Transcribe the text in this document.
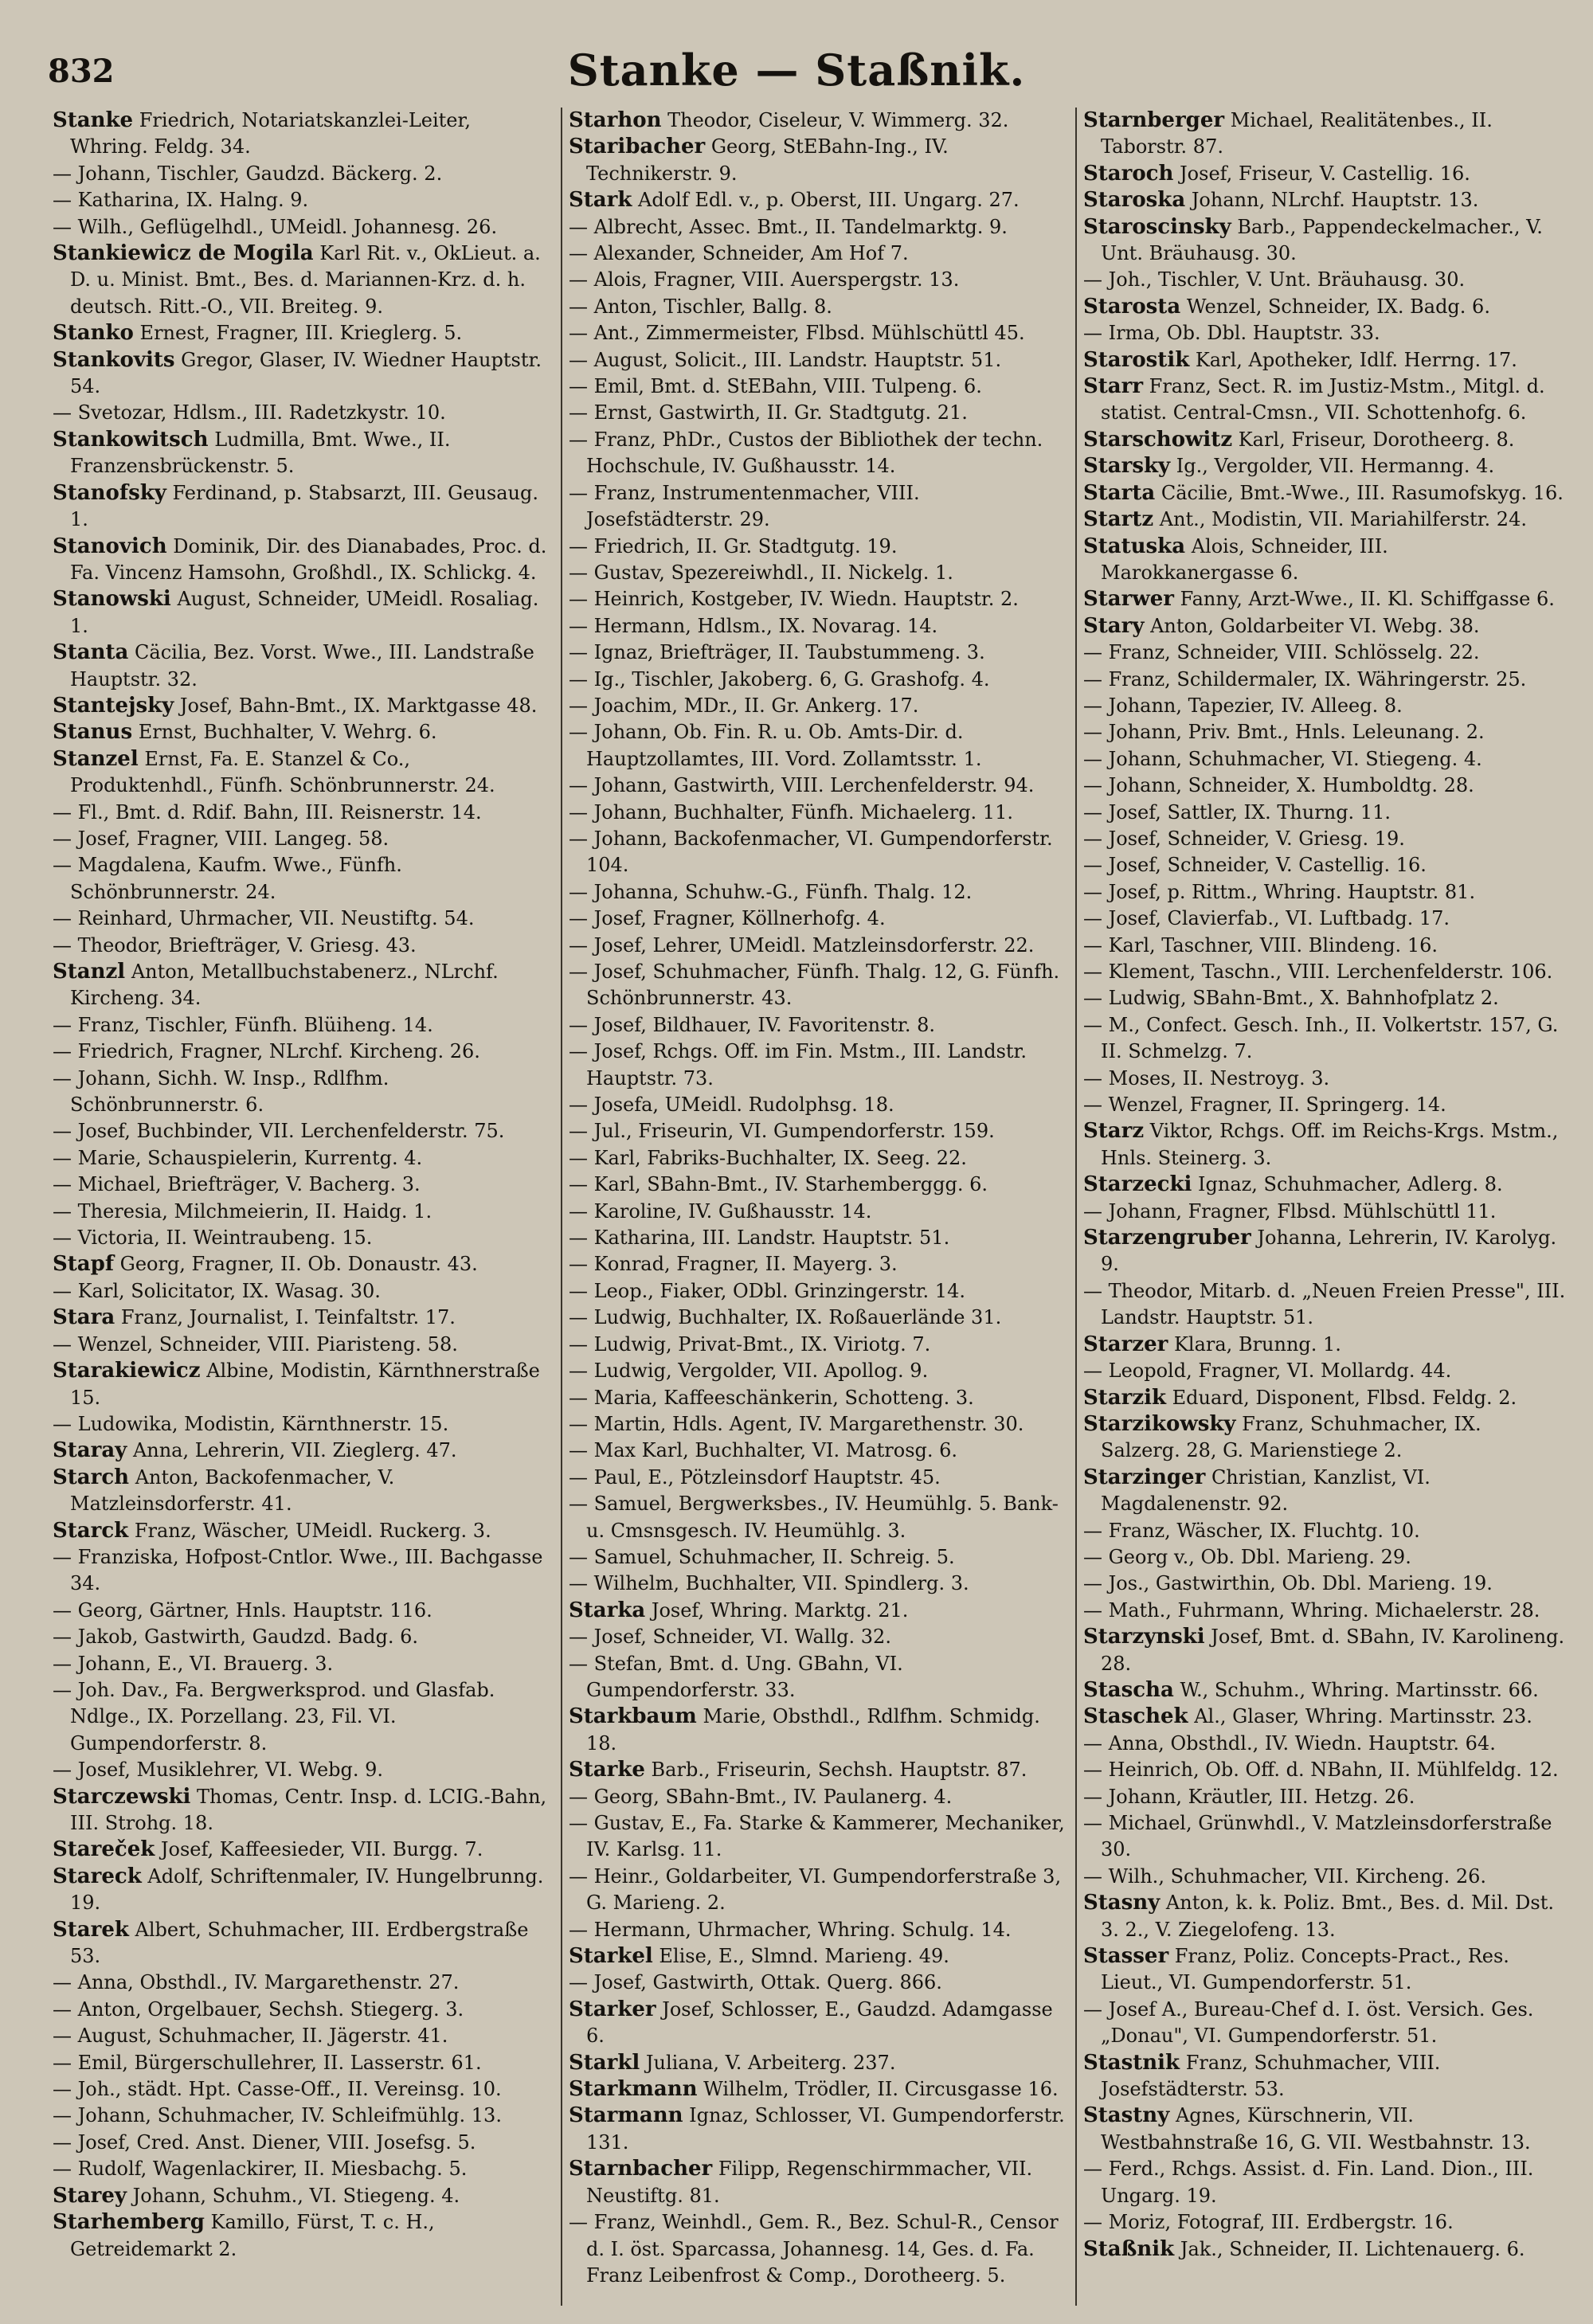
832	Stanke — Staßnik.

Stanke Friedrich, Notariatskanzlei-Leiter, Whring. Feldg. 34.

— Johann, Tischler, Gaudzd. Bäckerg. 2.

— Katharina, IX. Halng. 9.

— Wilh., Geflügelhdl., UMeidl. Johannesg. 26.

Stankiewicz de Mogila Karl Rit. v., OkLieut. a. D. u. Minist. Bmt., Bes. d. Mariannen-Krz. d. h. deutsch. Ritt.-O., VII. Breiteg. 9.

Stanko Ernest, Fragner, III. Krieglerg. 5.

Stankovits Gregor, Glaser, IV. Wiedner Hauptstr. 54.

— Svetozar, Hdlsm., III. Radetzkystr. 10.

Stankowitsch Ludmilla, Bmt. Wwe., II. Franzensbrückenstr. 5.

Stanofsky Ferdinand, p. Stabsarzt, III. Geusaug. 1.

Stanovich Dominik, Dir. des Dianabades, Proc. d. Fa. Vincenz Hamsohn, Großhdl., IX. Schlickg. 4.

Stanowski August, Schneider, UMeidl. Rosaliag. 1.

Stanta Cäcilia, Bez. Vorst. Wwe., III. Landstraße Hauptstr. 32.

Stantejsky Josef, Bahn-Bmt., IX. Marktgasse 48.

Stanus Ernst, Buchhalter, V. Wehrg. 6.

Stanzel Ernst, Fa. E. Stanzel & Co., Produktenhdl., Fünfh. Schönbrunnerstr. 24.

— Fl., Bmt. d. Rdif. Bahn, III. Reisnerstr. 14.

— Josef, Fragner, VIII. Langeg. 58.

— Magdalena, Kaufm. Wwe., Fünfh. Schönbrunnerstr. 24.

— Reinhard, Uhrmacher, VII. Neustiftg. 54.

— Theodor, Briefträger, V. Griesg. 43.

Stanzl Anton, Metallbuchstabenerz., NLrchf. Kircheng. 34.

— Franz, Tischler, Fünfh. Blüiheng. 14.

— Friedrich, Fragner, NLrchf. Kircheng. 26.

— Johann, Sichh. W. Insp., Rdlfhm. Schönbrunnerstr. 6.

— Josef, Buchbinder, VII. Lerchenfelderstr. 75.

— Marie, Schauspielerin, Kurrentg. 4.

— Michael, Briefträger, V. Bacherg. 3.

— Theresia, Milchmeierin, II. Haidg. 1.

— Victoria, II. Weintraubeng. 15.

Stapf Georg, Fragner, II. Ob. Donaustr. 43.

— Karl, Solicitator, IX. Wasag. 30.

Stara Franz, Journalist, I. Teinfaltstr. 17.

— Wenzel, Schneider, VIII. Piaristeng. 58.

Starakiewicz Albine, Modistin, Kärnthnerstraße 15.

— Ludowika, Modistin, Kärnthnerstr. 15.

Staray Anna, Lehrerin, VII. Zieglerg. 47.

Starch Anton, Backofenmacher, V. Matzleinsdorferstr. 41.

Starck Franz, Wäscher, UMeidl. Ruckerg. 3.

— Franziska, Hofpost-Cntlor. Wwe., III. Bachgasse 34.

— Georg, Gärtner, Hnls. Hauptstr. 116.

— Jakob, Gastwirth, Gaudzd. Badg. 6.

— Johann, E., VI. Brauerg. 3.

— Joh. Dav., Fa. Bergwerksprod. und Glasfab. Ndlge., IX. Porzellang. 23, Fil. VI. Gumpendorferstr. 8.

— Josef, Musiklehrer, VI. Webg. 9.

Starczewski Thomas, Centr. Insp. d. LCIG.-Bahn, III. Strohg. 18.

Stareček Josef, Kaffeesieder, VII. Burgg. 7.

Stareck Adolf, Schriftenmaler, IV. Hungelbrunng. 19.

Starek Albert, Schuhmacher, III. Erdbergstraße 53.

— Anna, Obsthdl., IV. Margarethenstr. 27.

— Anton, Orgelbauer, Sechsh. Stiegerg. 3.

— August, Schuhmacher, II. Jägerstr. 41.

— Emil, Bürgerschullehrer, II. Lasserstr. 61.

— Joh., städt. Hpt. Casse-Off., II. Vereinsg. 10.

— Johann, Schuhmacher, IV. Schleifmühlg. 13.

— Josef, Cred. Anst. Diener, VIII. Josefsg. 5.

— Rudolf, Wagenlackirer, II. Miesbachg. 5.

Starey Johann, Schuhm., VI. Stiegeng. 4.

Starhemberg Kamillo, Fürst, T. c. H., Getreidemarkt 2.

Starhon Theodor, Ciseleur, V. Wimmerg. 32.

Staribacher Georg, StEBahn-Ing., IV. Technikerstr. 9.

Stark Adolf Edl. v., p. Oberst, III. Ungarg. 27.

— Albrecht, Assec. Bmt., II. Tandelmarktg. 9.

— Alexander, Schneider, Am Hof 7.

— Alois, Fragner, VIII. Auerspergstr. 13.

— Anton, Tischler, Ballg. 8.

— Ant., Zimmermeister, Flbsd. Mühlschüttl 45.

— August, Solicit., III. Landstr. Hauptstr. 51.

— Emil, Bmt. d. StEBahn, VIII. Tulpeng. 6.

— Ernst, Gastwirth, II. Gr. Stadtgutg. 21.

— Franz, PhDr., Custos der Bibliothek der techn. Hochschule, IV. Gußhausstr. 14.

— Franz, Instrumentenmacher, VIII. Josefstädterstr. 29.

— Friedrich, II. Gr. Stadtgutg. 19.

— Gustav, Spezereiwhdl., II. Nickelg. 1.

— Heinrich, Kostgeber, IV. Wiedn. Hauptstr. 2.

— Hermann, Hdlsm., IX. Novarag. 14.

— Ignaz, Briefträger, II. Taubstummeng. 3.

— Ig., Tischler, Jakoberg. 6, G. Grashofg. 4.

— Joachim, MDr., II. Gr. Ankerg. 17.

— Johann, Ob. Fin. R. u. Ob. Amts-Dir. d. Hauptzollamtes, III. Vord. Zollamtsstr. 1.

— Johann, Gastwirth, VIII. Lerchenfelderstr. 94.

— Johann, Buchhalter, Fünfh. Michaelerg. 11.

— Johann, Backofenmacher, VI. Gumpendorferstr. 104.

— Johanna, Schuhw.-G., Fünfh. Thalg. 12.

— Josef, Fragner, Köllnerhofg. 4.

— Josef, Lehrer, UMeidl. Matzleinsdorferstr. 22.

— Josef, Schuhmacher, Fünfh. Thalg. 12, G. Fünfh. Schönbrunnerstr. 43.

— Josef, Bildhauer, IV. Favoritenstr. 8.

— Josef, Rchgs. Off. im Fin. Mstm., III. Landstr. Hauptstr. 73.

— Josefa, UMeidl. Rudolphsg. 18.

— Jul., Friseurin, VI. Gumpendorferstr. 159.

— Karl, Fabriks-Buchhalter, IX. Seeg. 22.

— Karl, SBahn-Bmt., IV. Starhemberggg. 6.

— Karoline, IV. Gußhausstr. 14.

— Katharina, III. Landstr. Hauptstr. 51.

— Konrad, Fragner, II. Mayerg. 3.

— Leop., Fiaker, ODbl. Grinzingerstr. 14.

— Ludwig, Buchhalter, IX. Roßauerlände 31.

— Ludwig, Privat-Bmt., IX. Viriotg. 7.

— Ludwig, Vergolder, VII. Apollog. 9.

— Maria, Kaffeeschänkerin, Schotteng. 3.

— Martin, Hdls. Agent, IV. Margarethenstr. 30.

— Max Karl, Buchhalter, VI. Matrosg. 6.

— Paul, E., Pötzleinsdorf Hauptstr. 45.

— Samuel, Bergwerksbes., IV. Heumühlg. 5. Bank- u. Cmsnsgesch. IV. Heumühlg. 3.

— Samuel, Schuhmacher, II. Schreig. 5.

— Wilhelm, Buchhalter, VII. Spindlerg. 3.

Starka Josef, Whring. Marktg. 21.

— Josef, Schneider, VI. Wallg. 32.

— Stefan, Bmt. d. Ung. GBahn, VI. Gumpendorferstr. 33.

Starkbaum Marie, Obsthdl., Rdlfhm. Schmidg. 18.

Starke Barb., Friseurin, Sechsh. Hauptstr. 87.

— Georg, SBahn-Bmt., IV. Paulanerg. 4.

— Gustav, E., Fa. Starke & Kammerer, Mechaniker, IV. Karlsg. 11.

— Heinr., Goldarbeiter, VI. Gumpendorferstraße 3, G. Marieng. 2.

— Hermann, Uhrmacher, Whring. Schulg. 14.

Starkel Elise, E., Slmnd. Marieng. 49.

— Josef, Gastwirth, Ottak. Querg. 866.

Starker Josef, Schlosser, E., Gaudzd. Adamgasse 6.

Starkl Juliana, V. Arbeiterg. 237.

Starkmann Wilhelm, Trödler, II. Circusgasse 16.

Starmann Ignaz, Schlosser, VI. Gumpendorferstr. 131.

Starnbacher Filipp, Regenschirmmacher, VII. Neustiftg. 81.

— Franz, Weinhdl., Gem. R., Bez. Schul-R., Censor d. I. öst. Sparcassa, Johannesg. 14, Ges. d. Fa. Franz Leibenfrost & Comp., Dorotheerg. 5.

Starnberger Michael, Realitätenbes., II. Taborstr. 87.

Staroch Josef, Friseur, V. Castellig. 16.

Staroska Johann, NLrchf. Hauptstr. 13.

Staroscinsky Barb., Pappendeckelmacher., V. Unt. Bräuhausg. 30.

— Joh., Tischler, V. Unt. Bräuhausg. 30.

Starosta Wenzel, Schneider, IX. Badg. 6.

— Irma, Ob. Dbl. Hauptstr. 33.

Starostik Karl, Apotheker, Idlf. Herrng. 17.

Starr Franz, Sect. R. im Justiz-Mstm., Mitgl. d. statist. Central-Cmsn., VII. Schottenhofg. 6.

Starschowitz Karl, Friseur, Dorotheerg. 8.

Starsky Ig., Vergolder, VII. Hermanng. 4.

Starta Cäcilie, Bmt.-Wwe., III. Rasumofskyg. 16.

Startz Ant., Modistin, VII. Mariahilferstr. 24.

Statuska Alois, Schneider, III. Marokkanergasse 6.

Starwer Fanny, Arzt-Wwe., II. Kl. Schiffgasse 6.

Stary Anton, Goldarbeiter VI. Webg. 38.

— Franz, Schneider, VIII. Schlösselg. 22.

— Franz, Schildermaler, IX. Währingerstr. 25.

— Johann, Tapezier, IV. Alleeg. 8.

— Johann, Priv. Bmt., Hnls. Leleunang. 2.

— Johann, Schuhmacher, VI. Stiegeng. 4.

— Johann, Schneider, X. Humboldtg. 28.

— Josef, Sattler, IX. Thurng. 11.

— Josef, Schneider, V. Griesg. 19.

— Josef, Schneider, V. Castellig. 16.

— Josef, p. Rittm., Whring. Hauptstr. 81.

— Josef, Clavierfab., VI. Luftbadg. 17.

— Karl, Taschner, VIII. Blindeng. 16.

— Klement, Taschn., VIII. Lerchenfelderstr. 106.

— Ludwig, SBahn-Bmt., X. Bahnhofplatz 2.

— M., Confect. Gesch. Inh., II. Volkertstr. 157, G. II. Schmelzg. 7.

— Moses, II. Nestroyg. 3.

— Wenzel, Fragner, II. Springerg. 14.

Starz Viktor, Rchgs. Off. im Reichs-Krgs. Mstm., Hnls. Steinerg. 3.

Starzecki Ignaz, Schuhmacher, Adlerg. 8.

— Johann, Fragner, Flbsd. Mühlschüttl 11.

Starzengruber Johanna, Lehrerin, IV. Karolyg. 9.

— Theodor, Mitarb. d. „Neuen Freien Presse", III. Landstr. Hauptstr. 51.

Starzer Klara, Brunng. 1.

— Leopold, Fragner, VI. Mollardg. 44.

Starzik Eduard, Disponent, Flbsd. Feldg. 2.

Starzikowsky Franz, Schuhmacher, IX. Salzerg. 28, G. Marienstiege 2.

Starzinger Christian, Kanzlist, VI. Magdalenenstr. 92.

— Franz, Wäscher, IX. Fluchtg. 10.

— Georg v., Ob. Dbl. Marieng. 29.

— Jos., Gastwirthin, Ob. Dbl. Marieng. 19.

— Math., Fuhrmann, Whring. Michaelerstr. 28.

Starzynski Josef, Bmt. d. SBahn, IV. Karolineng. 28.

Stascha W., Schuhm., Whring. Martinsstr. 66.

Staschek Al., Glaser, Whring. Martinsstr. 23.

— Anna, Obsthdl., IV. Wiedn. Hauptstr. 64.

— Heinrich, Ob. Off. d. NBahn, II. Mühlfeldg. 12.

— Johann, Kräutler, III. Hetzg. 26.

— Michael, Grünwhdl., V. Matzleinsdorferstraße 30.

— Wilh., Schuhmacher, VII. Kircheng. 26.

Stasny Anton, k. k. Poliz. Bmt., Bes. d. Mil. Dst. 3. 2., V. Ziegelofeng. 13.

Stasser Franz, Poliz. Concepts-Pract., Res. Lieut., VI. Gumpendorferstr. 51.

— Josef A., Bureau-Chef d. I. öst. Versich. Ges. „Donau", VI. Gumpendorferstr. 51.

Stastnik Franz, Schuhmacher, VIII. Josefstädterstr. 53.

Stastny Agnes, Kürschnerin, VII. Westbahnstraße 16, G. VII. Westbahnstr. 13.

— Ferd., Rchgs. Assist. d. Fin. Land. Dion., III. Ungarg. 19.

— Moriz, Fotograf, III. Erdbergstr. 16.

Staßnik Jak., Schneider, II. Lichtenauerg. 6.
